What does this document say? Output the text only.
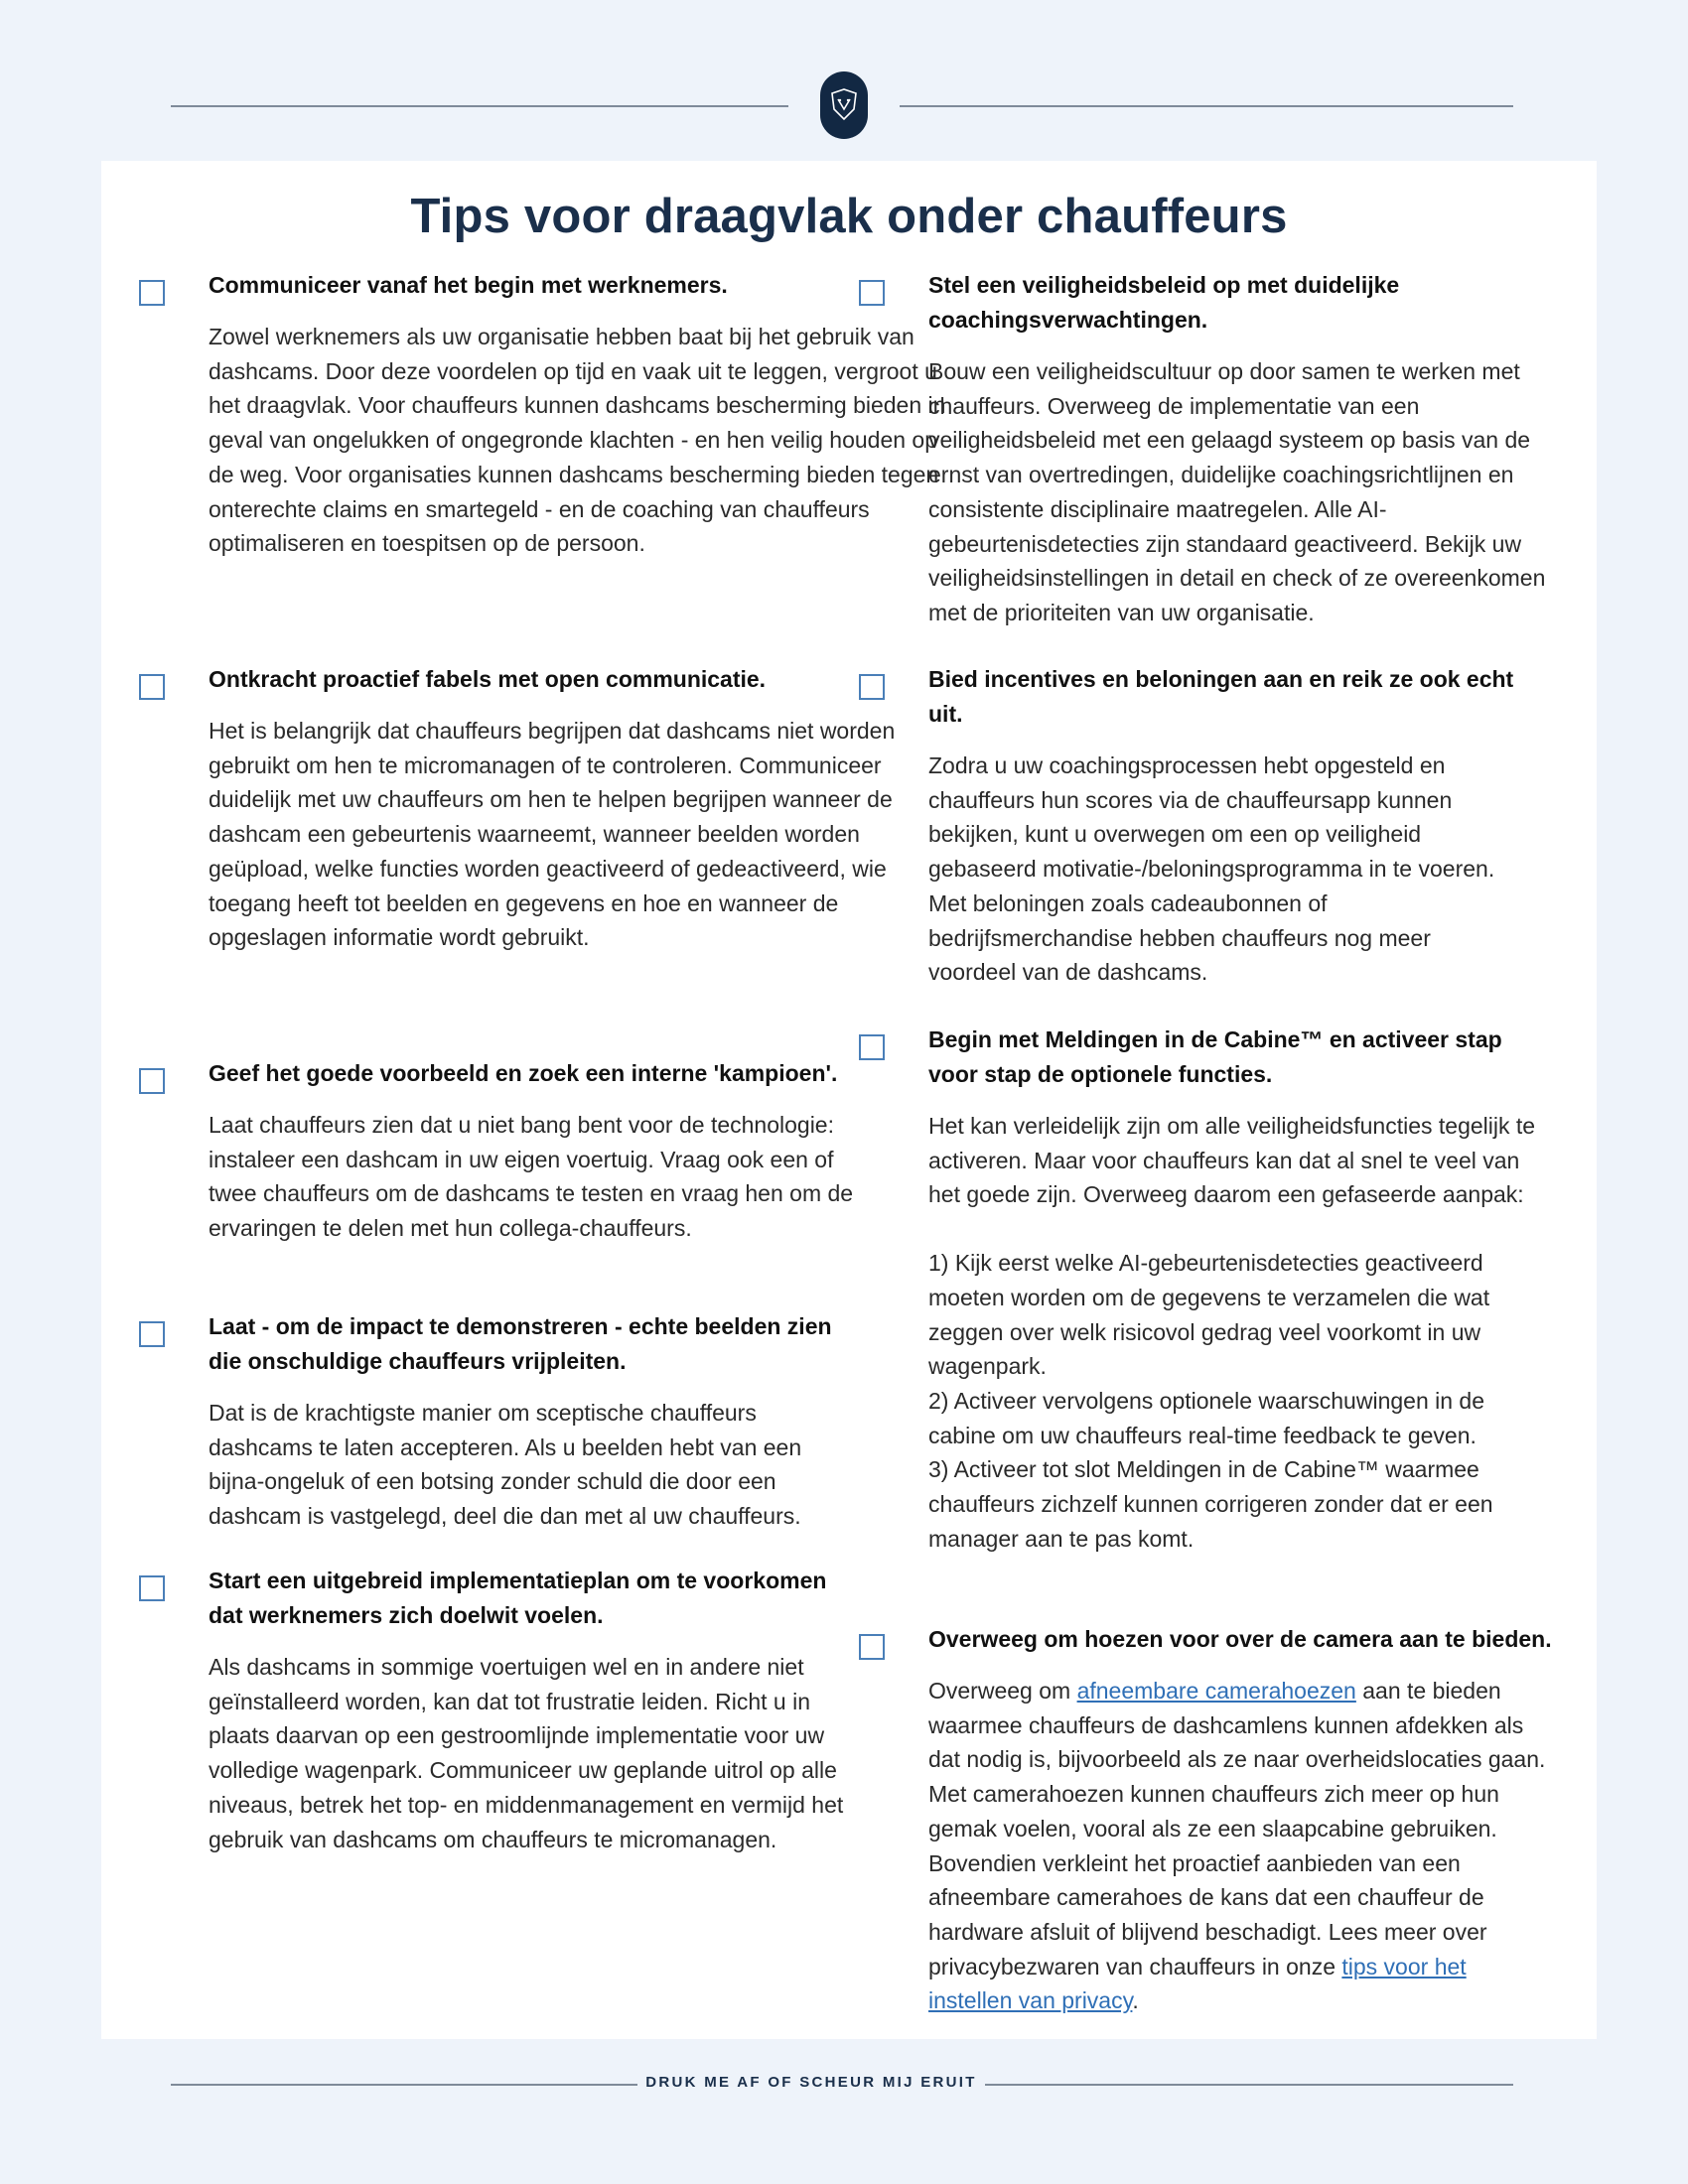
Tips voor draagvlak onder chauffeurs
Communiceer vanaf het begin met werknemers.

Zowel werknemers als uw organisatie hebben baat bij het gebruik van dashcams. Door deze voordelen op tijd en vaak uit te leggen, vergroot u het draagvlak. Voor chauffeurs kunnen dashcams bescherming bieden in geval van ongelukken of ongegronde klachten - en hen veilig houden op de weg. Voor organisaties kunnen dashcams bescherming bieden tegen onterechte claims en smartegeld - en de coaching van chauffeurs optimaliseren en toespitsen op de persoon.

Ontkracht proactief fabels met open communicatie.

Het is belangrijk dat chauffeurs begrijpen dat dashcams niet worden gebruikt om hen te micromanagen of te controleren. Communiceer duidelijk met uw chauffeurs om hen te helpen begrijpen wanneer de dashcam een gebeurtenis waarneemt, wanneer beelden worden geüpload, welke functies worden geactiveerd of gedeactiveerd, wie toegang heeft tot beelden en gegevens en hoe en wanneer de opgeslagen informatie wordt gebruikt.

Geef het goede voorbeeld en zoek een interne 'kampioen'.

Laat chauffeurs zien dat u niet bang bent voor de technologie: instaleer een dashcam in uw eigen voertuig. Vraag ook een of twee chauffeurs om de dashcams te testen en vraag hen om de ervaringen te delen met hun collega-chauffeurs.

Laat - om de impact te demonstreren - echte beelden zien die onschuldige chauffeurs vrijpleiten.

Dat is de krachtigste manier om sceptische chauffeurs dashcams te laten accepteren. Als u beelden hebt van een bijna-ongeluk of een botsing zonder schuld die door een dashcam is vastgelegd, deel die dan met al uw chauffeurs.

Start een uitgebreid implementatieplan om te voorkomen dat werknemers zich doelwit voelen.

Als dashcams in sommige voertuigen wel en in andere niet geïnstalleerd worden, kan dat tot frustratie leiden. Richt u in plaats daarvan op een gestroomlijnde implementatie voor uw volledige wagenpark. Communiceer uw geplande uitrol op alle niveaus, betrek het top- en middenmanagement en vermijd het gebruik van dashcams om chauffeurs te micromanagen.

Stel een veiligheidsbeleid op met duidelijke coachingsverwachtingen.

Bouw een veiligheidscultuur op door samen te werken met chauffeurs. Overweeg de implementatie van een veiligheidsbeleid met een gelaagd systeem op basis van de ernst van overtredingen, duidelijke coachingsrichtlijnen en consistente disciplinaire maatregelen. Alle AI-gebeurtenisdetecties zijn standaard geactiveerd. Bekijk uw veiligheidsinstellingen in detail en check of ze overeenkomen met de prioriteiten van uw organisatie.

Bied incentives en beloningen aan en reik ze ook echt uit.

Zodra u uw coachingsprocessen hebt opgesteld en chauffeurs hun scores via de chauffeursapp kunnen bekijken, kunt u overwegen om een op veiligheid gebaseerd motivatie-/beloningsprogramma in te voeren. Met beloningen zoals cadeaubonnen of bedrijfsmerchandise hebben chauffeurs nog meer voordeel van de dashcams.

Begin met Meldingen in de Cabine™ en activeer stap voor stap de optionele functies.

Het kan verleidelijk zijn om alle veiligheidsfuncties tegelijk te activeren. Maar voor chauffeurs kan dat al snel te veel van het goede zijn. Overweeg daarom een gefaseerde aanpak:

1) Kijk eerst welke AI-gebeurtenisdetecties geactiveerd moeten worden om de gegevens te verzamelen die wat zeggen over welk risicovol gedrag veel voorkomt in uw wagenpark.
2) Activeer vervolgens optionele waarschuwingen in de cabine om uw chauffeurs real-time feedback te geven.
3) Activeer tot slot Meldingen in de Cabine™ waarmee chauffeurs zichzelf kunnen corrigeren zonder dat er een manager aan te pas komt.

Overweeg om hoezen voor over de camera aan te bieden.

Overweeg om afneembare camerahoezen aan te bieden waarmee chauffeurs de dashcamlens kunnen afdekken als dat nodig is, bijvoorbeeld als ze naar overheidslocaties gaan. Met camerahoezen kunnen chauffeurs zich meer op hun gemak voelen, vooral als ze een slaapcabine gebruiken. Bovendien verkleint het proactief aanbieden van een afneembare camerahoes de kans dat een chauffeur de hardware afsluit of blijvend beschadigt. Lees meer over privacybezwaren van chauffeurs in onze tips voor het instellen van privacy.

DRUK ME AF OF SCHEUR MIJ ERUIT
